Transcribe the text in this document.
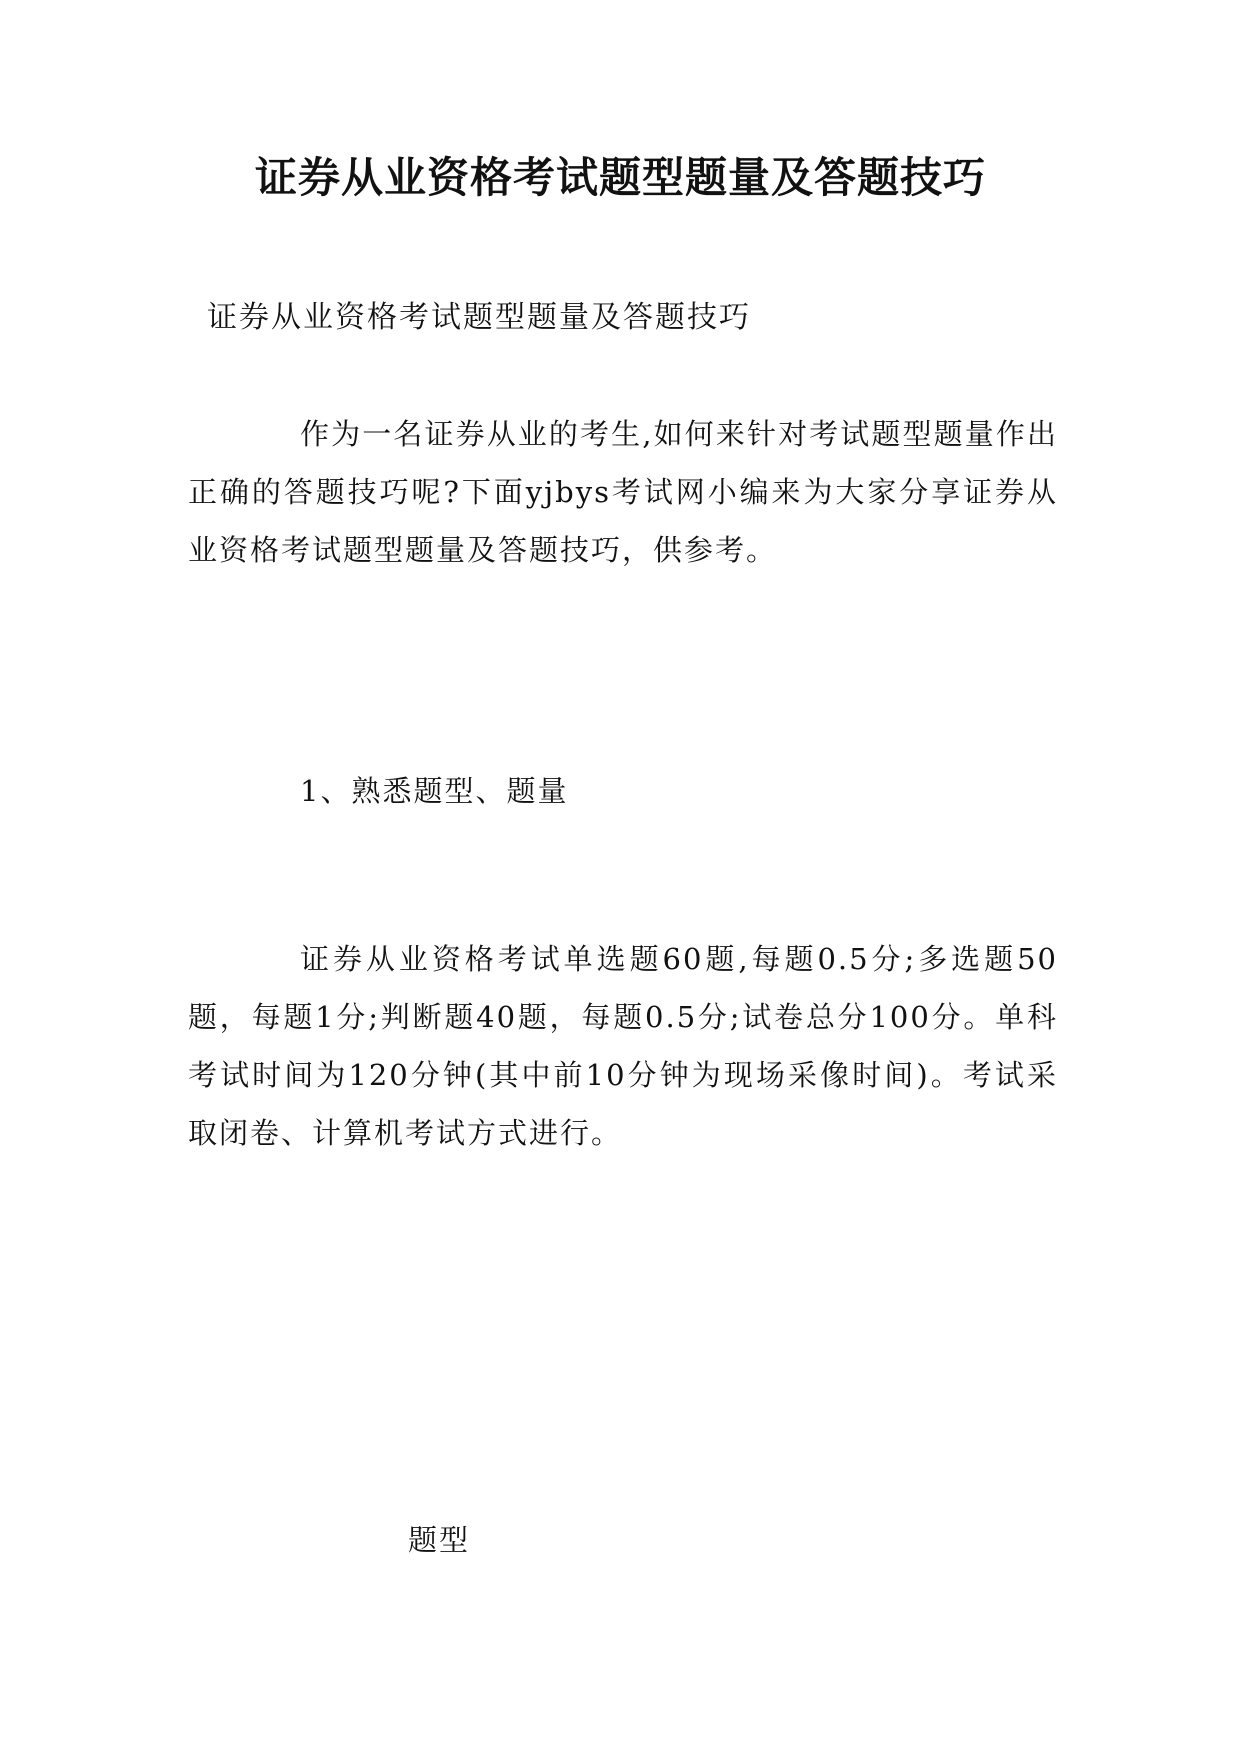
证券从业资格考试题型题量及答题技巧

证券从业资格考试题型题量及答题技巧

作为一名证券从业的考生,如何来针对考试题型题量作出正确的答题技巧呢?下面yjbys考试网小编来为大家分享证券从业资格考试题型题量及答题技巧，供参考。

1、熟悉题型、题量

证券从业资格考试单选题60题,每题0.5分;多选题50题，每题1分;判断题40题，每题0.5分;试卷总分100分。单科考试时间为120分钟(其中前10分钟为现场采像时间)。考试采取闭卷、计算机考试方式进行。

题型
